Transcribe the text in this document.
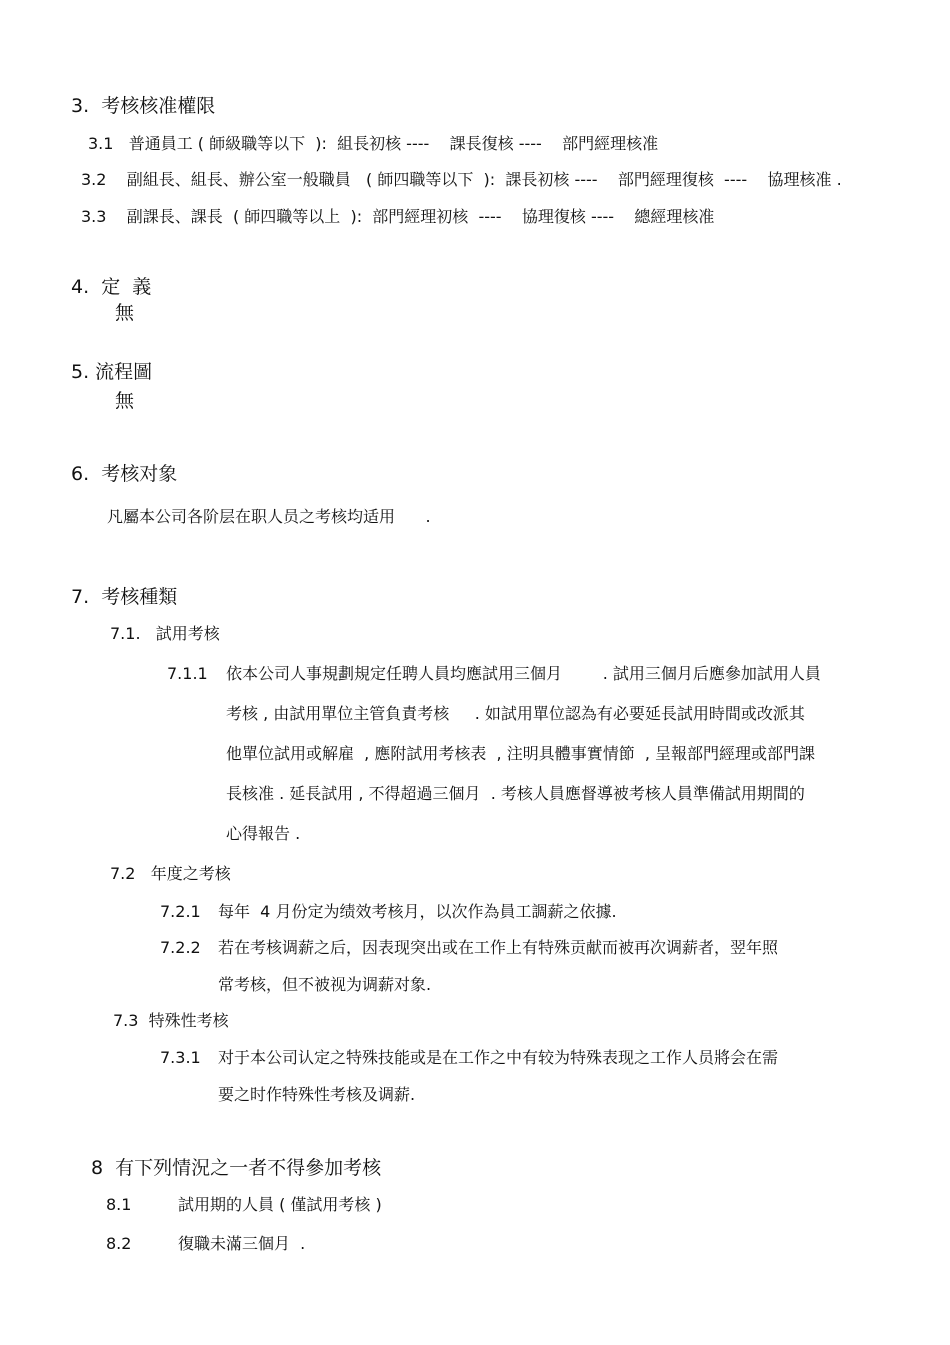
3.  考核核准權限
3.1   普通員工 ( 師級職等以下  ):  組長初核 ----    課長復核 ----    部門經理核准
3.2    副組長、組長、辦公室一般職員   ( 師四職等以下  ):  課長初核 ----    部門經理復核  ----    協理核准 .
3.3    副課長、課長  ( 師四職等以上  ):  部門經理初核  ----    協理復核 ----    總經理核准
4.  定  義
無
5. 流程圖
無
6.  考核对象
凡屬本公司各阶层在职人员之考核均适用      .
7.  考核種類
7.1.   試用考核
7.1.1 依本公司人事規劃規定任聘人員均應試用三個月        . 試用三個月后應參加試用人員
考核 , 由試用單位主管負責考核     . 如試用單位認為有必要延長試用時間或改派其
他單位試用或解雇  , 應附試用考核表  , 注明具體事實情節  , 呈報部門經理或部門課
長核准 . 延長試用 , 不得超過三個月  . 考核人員應督導被考核人員準備試用期間的
心得報告 .
7.2   年度之考核
7.2.1 每年  4 月份定为绩效考核月，以次作為員工調薪之依據.
7.2.2 若在考核调薪之后，因表现突出或在工作上有特殊贡献而被再次调薪者，翌年照
常考核，但不被视为调薪对象.
7.3  特殊性考核
7.3.1 对于本公司认定之特殊技能或是在工作之中有较为特殊表现之工作人员將会在需
要之时作特殊性考核及调薪.
8  有下列情況之一者不得參加考核
8.1	試用期的人員 ( 僅試用考核 )
8.2	復職未滿三個月  .
